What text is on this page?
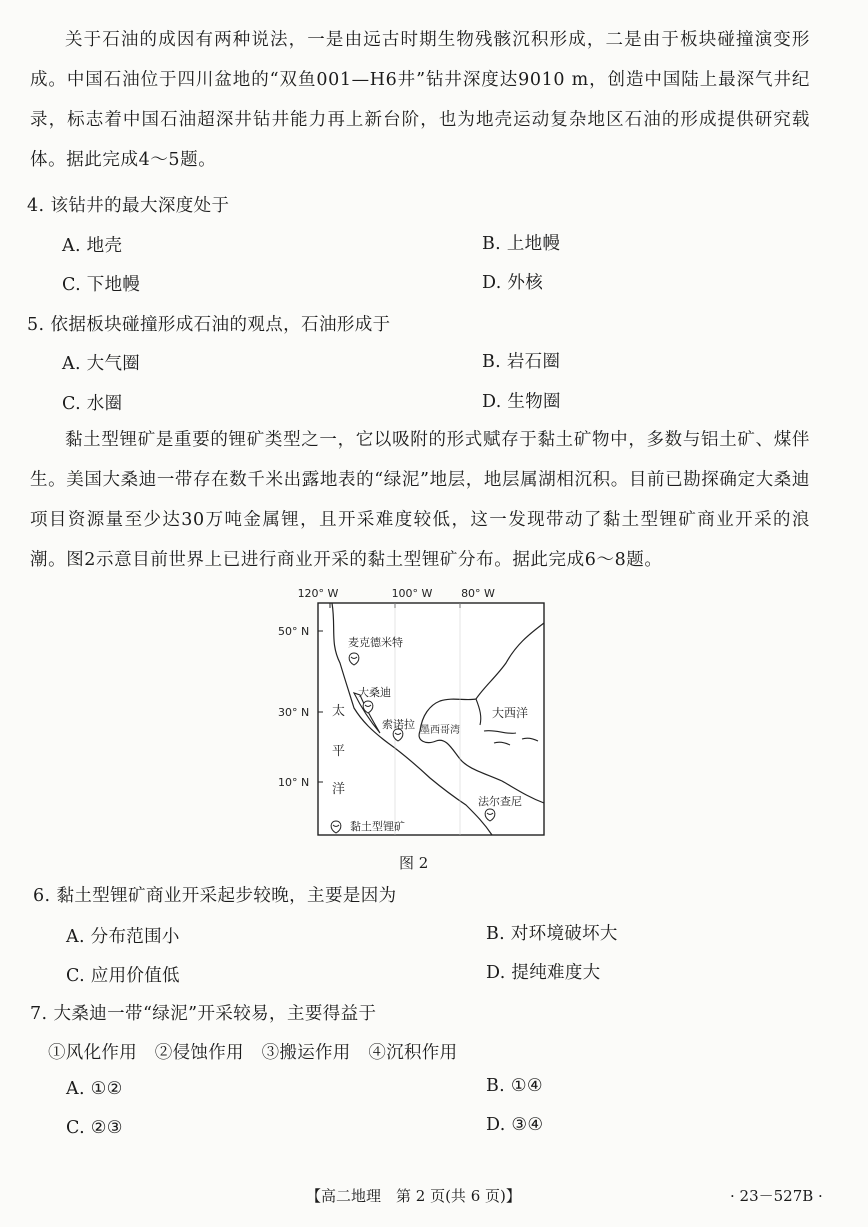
关于石油的成因有两种说法，一是由远古时期生物残骸沉积形成，二是由于板块碰撞演变形成。中国石油位于四川盆地的“双鱼001—H6井”钻井深度达9010 m，创造中国陆上最深气井纪录，标志着中国石油超深井钻井能力再上新台阶，也为地壳运动复杂地区石油的形成提供研究载体。据此完成4～5题。
4. 该钻井的最大深度处于
A. 地壳	B. 上地幔
C. 下地幔	D. 外核
5. 依据板块碰撞形成石油的观点，石油形成于
A. 大气圈	B. 岩石圈
C. 水圈	D. 生物圈
黏土型锂矿是重要的锂矿类型之一，它以吸附的形式赋存于黏土矿物中，多数与铝土矿、煤伴生。美国大桑迪一带存在数千米出露地表的“绿泥”地层，地层属湖相沉积。目前已勘探确定大桑迪项目资源量至少达30万吨金属锂，且开采难度较低，这一发现带动了黏土型锂矿商业开采的浪潮。图2示意目前世界上已进行商业开采的黏土型锂矿分布。据此完成6～8题。
120° W	100° W	80° W
50° N
30° N
10° N
麦克德米特
大桑迪
索诺拉
法尔查尼
墨西哥湾
大西洋
太
平
洋
黏土型锂矿
图 2
6. 黏土型锂矿商业开采起步较晚，主要是因为
A. 分布范围小	B. 对环境破坏大
C. 应用价值低	D. 提纯难度大
7. 大桑迪一带“绿泥”开采较易，主要得益于
①风化作用　②侵蚀作用　③搬运作用　④沉积作用
A. ①②	B. ①④
C. ②③	D. ③④
【高二地理　第 2 页(共 6 页)】	· 23－527B ·
